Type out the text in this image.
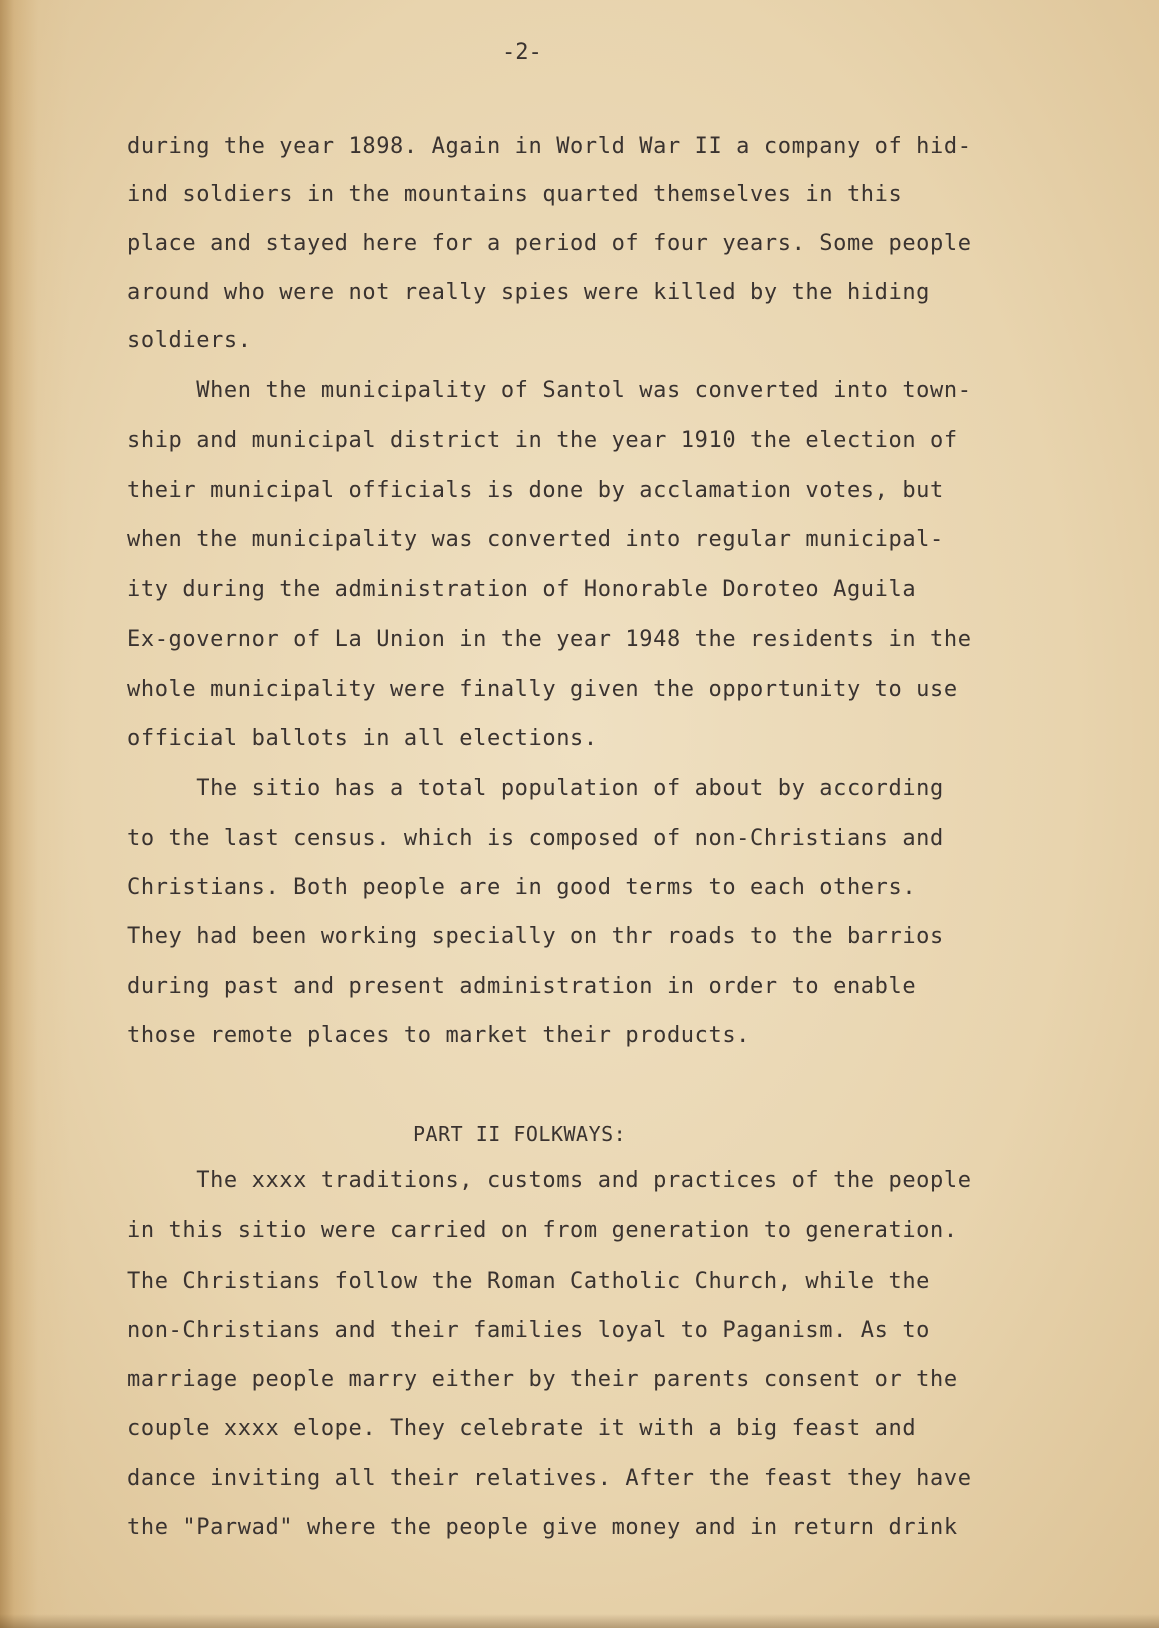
-2-
during the year 1898. Again in World War II a company of hid-
ind soldiers in the mountains quarted themselves in this
place and stayed here for a period of four years. Some people
around who were not really spies were killed by the hiding
soldiers.
When the municipality of Santol was converted into town-
ship and municipal district in the year 1910 the election of
their municipal officials is done by acclamation votes, but
when the municipality was converted into regular municipal-
ity during the administration of Honorable Doroteo Aguila
Ex-governor of La Union in the year 1948 the residents in the
whole municipality were finally given the opportunity to use
official ballots in all elections.
The sitio has a total population of about by according
to the last census. which is composed of non-Christians and
Christians. Both people are in good terms to each others.
They had been working specially on thr roads to the barrios
during past and present administration in order to enable
those remote places to market their products.
The xxxx traditions, customs and practices of the people
in this sitio were carried on from generation to generation.
The Christians follow the Roman Catholic Church, while the
non-Christians and their families loyal to Paganism. As to
marriage people marry either by their parents consent or the
couple xxxx elope. They celebrate it with a big feast and
dance inviting all their relatives. After the feast they have
the "Parwad" where the people give money and in return drink
PART II FOLKWAYS:
